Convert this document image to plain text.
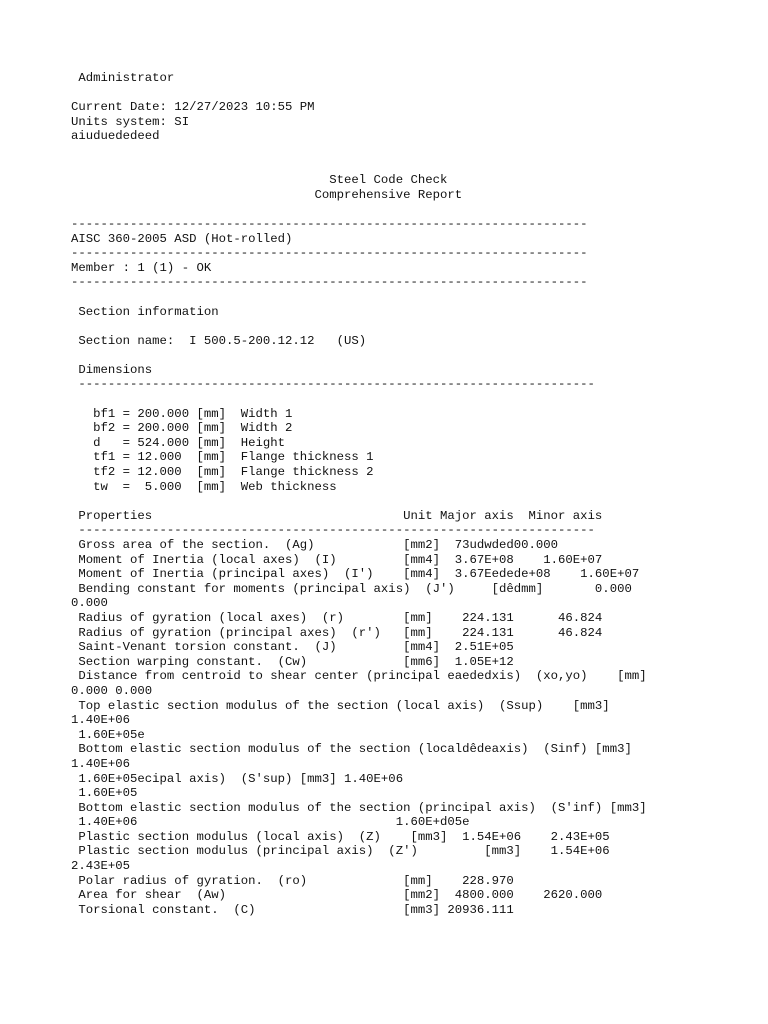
Administrator
Current Date: 12/27/2023 10:55 PM
Units system: SI
aiuduededeed
Steel Code Check
Comprehensive Report
----------------------------------------------------------------------
AISC 360-2005 ASD (Hot-rolled)
----------------------------------------------------------------------
Member : 1 (1) - OK
----------------------------------------------------------------------
Section information
Section name:  I 500.5-200.12.12   (US)
Dimensions
----------------------------------------------------------------------
bf1 = 200.000 [mm]  Width 1
bf2 = 200.000 [mm]  Width 2
d   = 524.000 [mm]  Height
tf1 = 12.000  [mm]  Flange thickness 1
tf2 = 12.000  [mm]  Flange thickness 2
tw  =  5.000  [mm]  Web thickness
Properties                                  Unit Major axis  Minor axis
----------------------------------------------------------------------
Gross area of the section.  (Ag)            [mm2]  73udwded00.000
Moment of Inertia (local axes)  (I)         [mm4]  3.67E+08    1.60E+07
Moment of Inertia (principal axes)  (I')    [mm4]  3.67Eedede+08    1.60E+07
Bending constant for moments (principal axis)  (J')     [dêdmm]       0.000
0.000
Radius of gyration (local axes)  (r)        [mm]    224.131      46.824
Radius of gyration (principal axes)  (r')   [mm]    224.131      46.824
Saint-Venant torsion constant.  (J)         [mm4]  2.51E+05
Section warping constant.  (Cw)             [mm6]  1.05E+12
Distance from centroid to shear center (principal eaededxis)  (xo,yo)    [mm]
0.000 0.000
Top elastic section modulus of the section (local axis)  (Ssup)    [mm3]
1.40E+06
1.60E+05e
Bottom elastic section modulus of the section (localdêdeaxis)  (Sinf) [mm3]
1.40E+06
1.60E+05ecipal axis)  (S'sup) [mm3] 1.40E+06
1.60E+05
Bottom elastic section modulus of the section (principal axis)  (S'inf) [mm3]
1.40E+06                                   1.60E+d05e
Plastic section modulus (local axis)  (Z)    [mm3]  1.54E+06    2.43E+05
Plastic section modulus (principal axis)  (Z')         [mm3]    1.54E+06
2.43E+05
Polar radius of gyration.  (ro)             [mm]    228.970
Area for shear  (Aw)                        [mm2]  4800.000    2620.000
Torsional constant.  (C)                    [mm3] 20936.111
